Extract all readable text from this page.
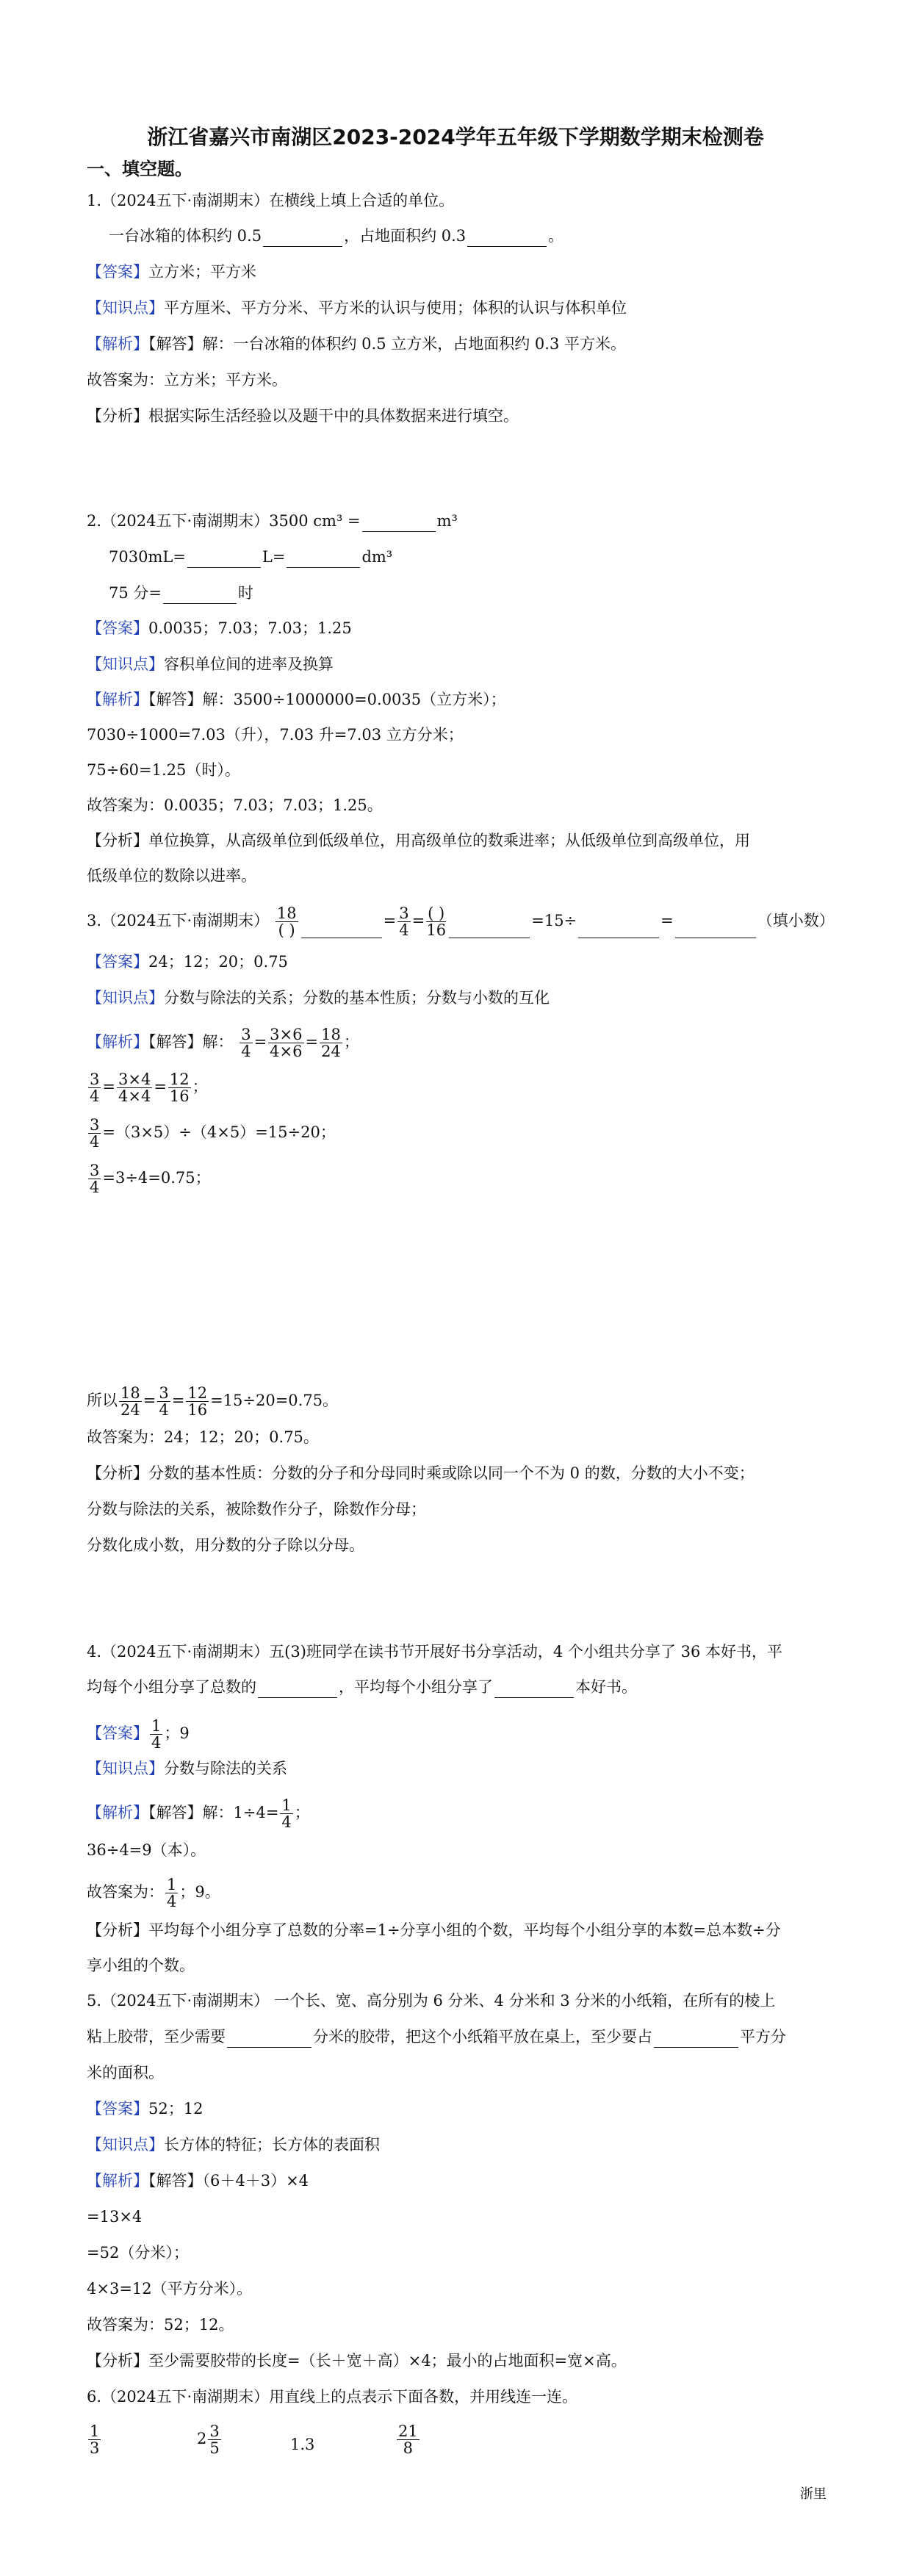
浙江省嘉兴市南湖区2023-2024学年五年级下学期数学期末检测卷
一、填空题。
1.（2024五下·南湖期末）在横线上填上合适的单位。
一台冰箱的体积约 0.5	，占地面积约 0.3	。
【答案】立方米；平方米
【知识点】平方厘米、平方分米、平方米的认识与使用；体积的认识与体积单位
【解析】【解答】解：一台冰箱的体积约 0.5 立方米，占地面积约 0.3 平方米。
故答案为：立方米；平方米。
【分析】根据实际生活经验以及题干中的具体数据来进行填空。
2.（2024五下·南湖期末）3500 cm³ =	m³
7030mL=	L=	dm³
75 分=	时
【答案】0.0035；7.03；7.03；1.25
【知识点】容积单位间的进率及换算
【解析】【解答】解：3500÷1000000=0.0035（立方米）；
7030÷1000=7.03（升），7.03 升=7.03 立方分米；
75÷60=1.25（时）。
故答案为：0.0035；7.03；7.03；1.25。
【分析】单位换算，从高级单位到低级单位，用高级单位的数乘进率；从低级单位到高级单位，用
低级单位的数除以进率。
3.（2024五下·南湖期末） $\frac{18}{( )}$	= $\frac{3}{4} = \frac{( )}{16}$	=15÷	=	（填小数）
【答案】24；12；20；0.75
【知识点】分数与除法的关系；分数的基本性质；分数与小数的互化
【解析】【解答】解： $\frac{3}{4} = \frac{3\times 6}{4\times 6} = \frac{18}{24}$ ；
$\frac{3}{4} = \frac{3\times 4}{4\times 4} = \frac{12}{16}$ ；
$\frac{3}{4} =(3\times 5)\div(4\times 5)=15\div 20$；
$\frac{3}{4} =3\div 4=0.75$；
所以 $\frac{18}{24} = \frac{3}{4} = \frac{12}{16} =15\div 20=0.75$。
故答案为：24；12；20；0.75。
【分析】分数的基本性质：分数的分子和分母同时乘或除以同一个不为 0 的数，分数的大小不变；
分数与除法的关系，被除数作分子，除数作分母；
分数化成小数，用分数的分子除以分母。
4.（2024五下·南湖期末）五(3)班同学在读书节开展好书分享活动，4 个小组共分享了 36 本好书，平
均每个小组分享了总数的	，平均每个小组分享了	本好书。
【答案】 $\frac{1}{4}$ ；9
【知识点】分数与除法的关系
【解析】【解答】解：$1\div 4= \frac{1}{4}$ ；
36÷4=9（本）。
故答案为： $\frac{1}{4}$ ；9。
【分析】平均每个小组分享了总数的分率=1÷分享小组的个数，平均每个小组分享的本数=总本数÷分
享小组的个数。
5.（2024五下·南湖期末） 一个长、宽、高分别为 6 分米、4 分米和 3 分米的小纸箱，在所有的棱上
粘上胶带，至少需要	分米的胶带，把这个小纸箱平放在桌上，至少要占	平方分
米的面积。
【答案】52；12
【知识点】长方体的特征；长方体的表面积
【解析】【解答】（6＋4＋3）×4
=13×4
=52（分米）；
4×3=12（平方分米）。
故答案为：52；12。
【分析】至少需要胶带的长度=（长＋宽＋高）×4；最小的占地面积=宽×高。
6.（2024五下·南湖期末）用直线上的点表示下面各数，并用线连一连。
$\frac{1}{3}$	$2 \frac{3}{5}$	1.3	$\frac{21}{8}$
浙里
